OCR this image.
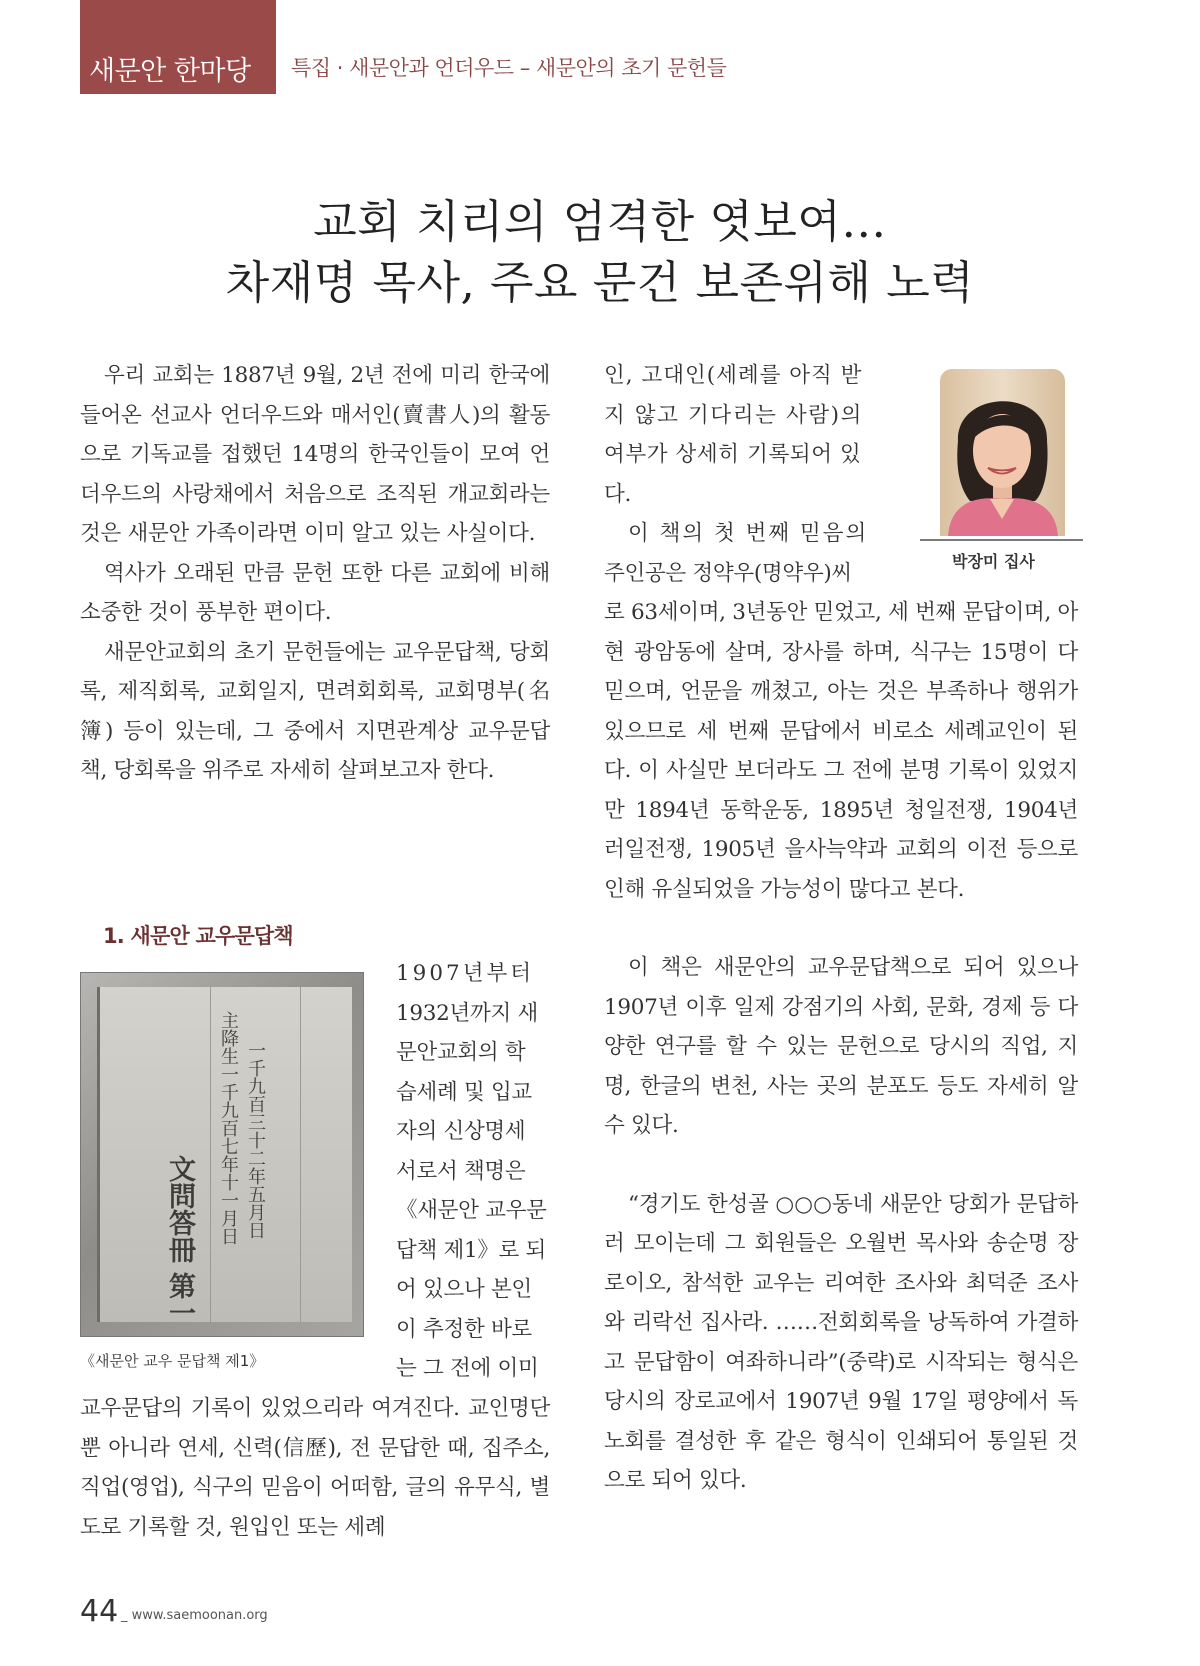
새문안 한마당	특집 · 새문안과 언더우드 – 새문안의 초기 문헌들
교회 치리의 엄격한 엿보여…
차재명 목사, 주요 문건 보존위해 노력

우리 교회는 1887년 9월, 2년 전에 미리 한국에 들어온 선교사 언더우드와 매서인(賣書人)의 활동으로 기독교를 접했던 14명의 한국인들이 모여 언더우드의 사랑채에서 처음으로 조직된 개교회라는 것은 새문안 가족이라면 이미 알고 있는 사실이다.

역사가 오래된 만큼 문헌 또한 다른 교회에 비해 소중한 것이 풍부한 편이다.

새문안교회의 초기 문헌들에는 교우문답책, 당회록, 제직회록, 교회일지, 면려회회록, 교회명부(名簿) 등이 있는데, 그 중에서 지면관계상 교우문답책, 당회록을 위주로 자세히 살펴보고자 한다.

1. 새문안 교우문답책
主降生一千九百七年十一月日 一千九百三十二年五月日
文問答冊 第一
《새문안 교우 문답책 제1》
1907년부터
1932년까지 새
문안교회의 학
습세례 및 입교
자의 신상명세
서로서 책명은
《새문안 교우문
답책 제1》로 되
어 있으나 본인
이 추정한 바로
는 그 전에 이미

교우문답의 기록이 있었으리라 여겨진다. 교인명단뿐 아니라 연세, 신력(信歷), 전 문답한 때, 집주소, 직업(영업), 식구의 믿음이 어떠함, 글의 유무식, 별도로 기록할 것, 원입인 또는 세례

박장미 집사
인, 고대인(세례를 아직 받
지 않고 기다리는 사람)의
여부가 상세히 기록되어 있
다.
이 책의 첫 번째 믿음의
주인공은 정약우(명약우)씨

로 63세이며, 3년동안 믿었고, 세 번째 문답이며, 아현 광암동에 살며, 장사를 하며, 식구는 15명이 다 믿으며, 언문을 깨쳤고, 아는 것은 부족하나 행위가 있으므로 세 번째 문답에서 비로소 세례교인이 된다. 이 사실만 보더라도 그 전에 분명 기록이 있었지만 1894년 동학운동, 1895년 청일전쟁, 1904년 러일전쟁, 1905년 을사늑약과 교회의 이전 등으로 인해 유실되었을 가능성이 많다고 본다.

이 책은 새문안의 교우문답책으로 되어 있으나 1907년 이후 일제 강점기의 사회, 문화, 경제 등 다양한 연구를 할 수 있는 문헌으로 당시의 직업, 지명, 한글의 변천, 사는 곳의 분포도 등도 자세히 알 수 있다.

“경기도 한성골 ○○○동네 새문안 당회가 문답하러 모이는데 그 회원들은 오월번 목사와 송순명 장로이오, 참석한 교우는 리여한 조사와 최덕준 조사와 리락선 집사라. ……전회회록을 낭독하여 가결하고 문답함이 여좌하니라”(중략)로 시작되는 형식은 당시의 장로교에서 1907년 9월 17일 평양에서 독노회를 결성한 후 같은 형식이 인쇄되어 통일된 것으로 되어 있다.

44 _ www.saemoonan.org
